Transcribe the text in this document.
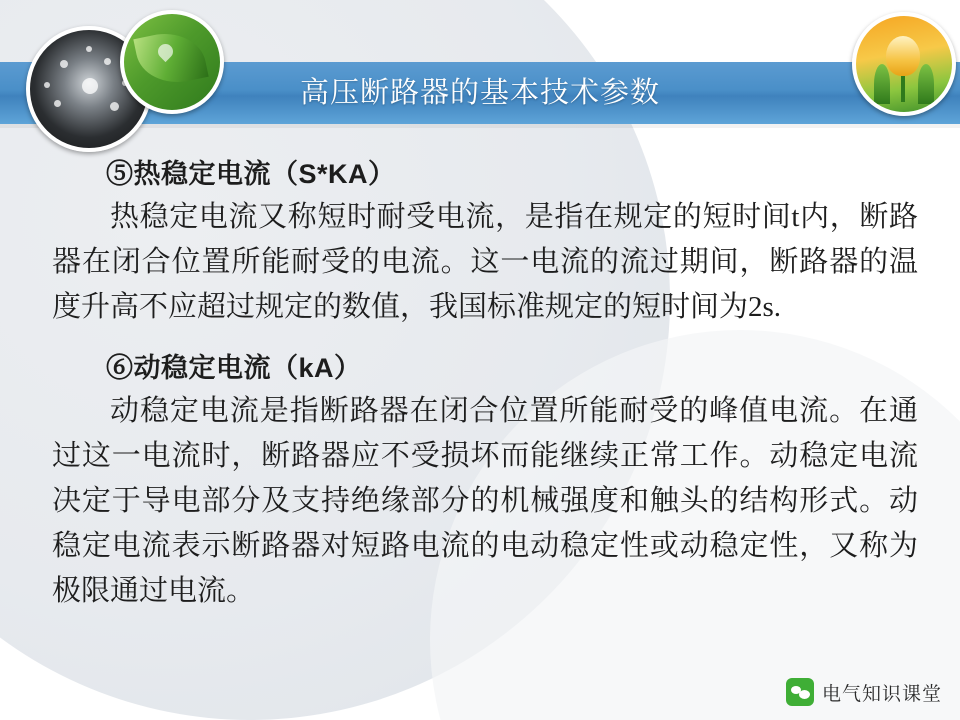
高压断路器的基本技术参数
⑤热稳定电流（S*KA）

热稳定电流又称短时耐受电流，是指在规定的短时间t内，断路器在闭合位置所能耐受的电流。这一电流的流过期间，断路器的温度升高不应超过规定的数值，我国标准规定的短时间为2s.

⑥动稳定电流（kA）

动稳定电流是指断路器在闭合位置所能耐受的峰值电流。在通过这一电流时，断路器应不受损坏而能继续正常工作。动稳定电流决定于导电部分及支持绝缘部分的机械强度和触头的结构形式。动稳定电流表示断路器对短路电流的电动稳定性或动稳定性，又称为极限通过电流。

电气知识课堂
